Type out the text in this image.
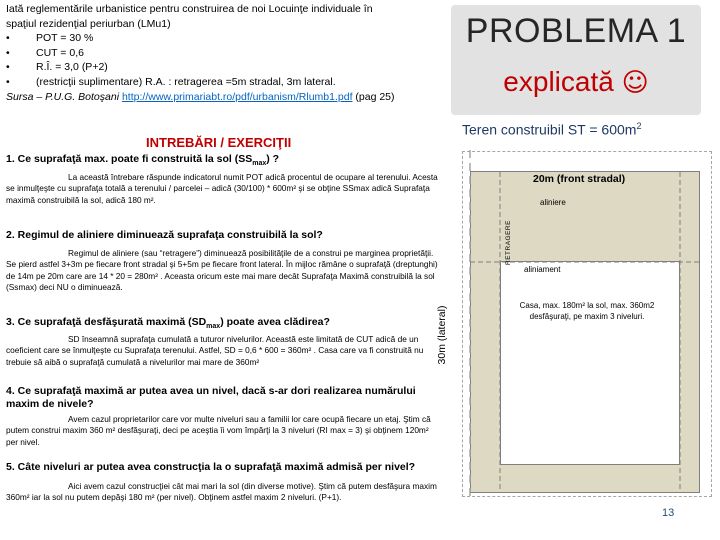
Iată reglementările urbanistice pentru construirea de noi Locuinţe individuale în
spaţiul rezidenţial periurban (LMu1)
•	POT = 30 %
•	CUT = 0,6
•	R.Î. = 3,0 (P+2)
•	(restricţii suplimentare) R.A. : retragerea =5m stradal, 3m lateral.
Sursa – P.U.G. Botoşani http://www.primariabt.ro/pdf/urbanism/Rlumb1.pdf (pag 25)
PROBLEMA 1
explicată ☺
Teren construibil ST = $600m^2$
INTREBĂRI / EXERCIŢII
1. Ce suprafaţă max. poate fi construită la sol $(SS_{max})$ ?
La această întrebare răspunde indicatorul numit POT adică procentul de ocupare al terenului. Acesta se inmulţeşte cu suprafaţa totală a terenului / parcelei – adică (30/100) * 600m² şi se obţine SSmax adică Suprafaţa maximă construibilă la sol, adică 180 m².
2. Regimul de aliniere diminuează suprafaţa construibilă la sol?
Regimul de aliniere (sau “retragere”) diminuează posibilităţile de a construi pe marginea proprietăţii. Se pierd astfel 3+3m pe fiecare front stradal şi 5+5m pe fiecare front lateral. În mijloc rămâne o suprafaţă (dreptunghi) de 14m pe 20m care are 14 * 20 = 280m² . Aceasta oricum este mai mare decât Suprafaţa Maximă construibilă la sol (Ssmax) deci NU o diminuează.
3. Ce suprafaţă desfăşurată maximă $(SD_{max})$ poate avea clădirea?
SD înseamnă suprafaţa cumulată a tuturor nivelurilor. Această este limitată de CUT adică de un coeficient care se înmulţeşte cu Suprafaţa terenului. Astfel, SD = 0,6 * 600 = 360m² . Casa care va fi construită nu trebuie să aibă o suprafaţă cumulată a nivelurilor mai mare de 360m²
4. Ce suprafaţă maximă ar putea avea un nivel, dacă s-ar dori realizarea numărului maxim de nivele?
Avem cazul proprietarilor care vor multe niveluri sau a familii lor care ocupă fiecare un etaj. Ştim că putem construi maxim 360 m² desfăşuraţi, deci pe aceştia îi vom împărţi la 3 niveluri (RI max = 3) şi obţinem 120m² per nivel.
5. Câte niveluri ar putea avea construcţia la o suprafaţă maximă admisă per nivel?
Aici avem cazul construcţiei cât mai mari la sol (din diverse motive). Ştim că putem desfăşura maxim 360m² iar la sol nu putem depăşi 180 m² (per nivel). Obţinem astfel maxim 2 niveluri. (P+1).
20m (front stradal)
30m (lateral)
RETRAGERE
aliniere
aliniament
Casa, max. 180m² la sol, max. 360m2 desfăşuraţi, pe maxim 3 niveluri.
13
